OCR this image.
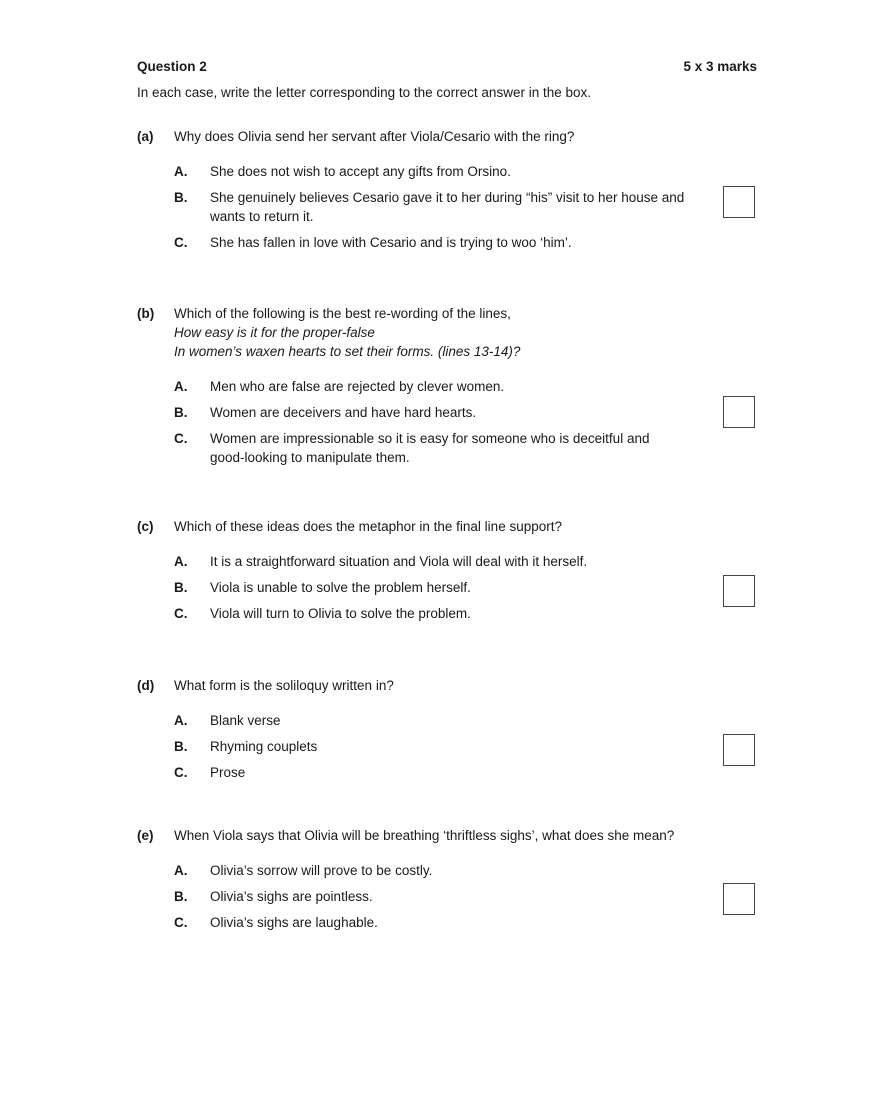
Question 2	5 x 3 marks
In each case, write the letter corresponding to the correct answer in the box.
(a)	Why does Olivia send her servant after Viola/Cesario with the ring?
A.	She does not wish to accept any gifts from Orsino.
B.	She genuinely believes Cesario gave it to her during “his” visit to her house and wants to return it.
C.	She has fallen in love with Cesario and is trying to woo ‘him’.
(b)	Which of the following is the best re-wording of the lines,
How easy is it for the proper-false
In women’s waxen hearts to set their forms. (lines 13-14)?
A.	Men who are false are rejected by clever women.
B.	Women are deceivers and have hard hearts.
C.	Women are impressionable so it is easy for someone who is deceitful and good-looking to manipulate them.
(c)	Which of these ideas does the metaphor in the final line support?
A.	It is a straightforward situation and Viola will deal with it herself.
B.	Viola is unable to solve the problem herself.
C.	Viola will turn to Olivia to solve the problem.
(d)	What form is the soliloquy written in?
A.	Blank verse
B.	Rhyming couplets
C.	Prose
(e)	When Viola says that Olivia will be breathing ‘thriftless sighs’, what does she mean?
A.	Olivia’s sorrow will prove to be costly.
B.	Olivia’s sighs are pointless.
C.	Olivia’s sighs are laughable.
